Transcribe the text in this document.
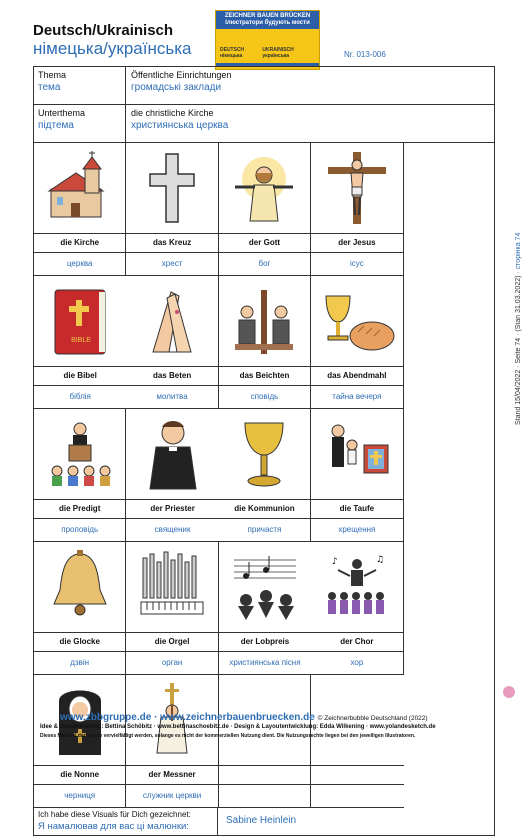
Deutsch/Ukrainisch
німецька/українська
ZEICHNER BAUEN BRÜCKEN
Ілюстратори будують мости
DEUTSCH німецька
UKRAINISCH українська	Nr. 013-006
Thema
тема
Öffentliche Einrichtungen
громадські заклади
Unterthema
підтема
die christliche Kirche
християнська церква
die Kirche
церква
das Kreuz
хрест
der Gott
бог
der Jesus
ісус
BIBLE
die Bibel
біблія
das Beten
молитва
das Beichten
сповідь
das Abendmahl
тайна вечеря
die Predigt
проповідь
der Priester
священик
die Kommunion
причастя
die Taufe
хрещення
die Glocke
дзвін
die Orgel
орган
der Lobpreis
християнська пісня
♪	♫
der Chor
хор
die Nonne
черниця
der Messner
служник церкви
Ich habe diese Visuals für Dich gezeichnet:
Я намалював для вас ці малюнки:
Sabine Heinlein
www.zbbgruppe.de · www.zeichnerbauenbruecken.de © Zeichnerbubble Deutschland (2022)
Idee & Gesamtleitung: Bettina Schöbitz · www.bettinaschoebitz.de · Design & Layoutentwicklung: Edda Wilkening · www.yolandesketch.de
Dieses Material darf gerne vervielfältigt werden, solange es nicht der kommerziellen Nutzung dient. Die Nutzungsrechte liegen bei den jeweiligen Illustratoren.
Stand 15/04/2022 · Seite 74 · (Stan 31.03.2022) · сторінка 74
